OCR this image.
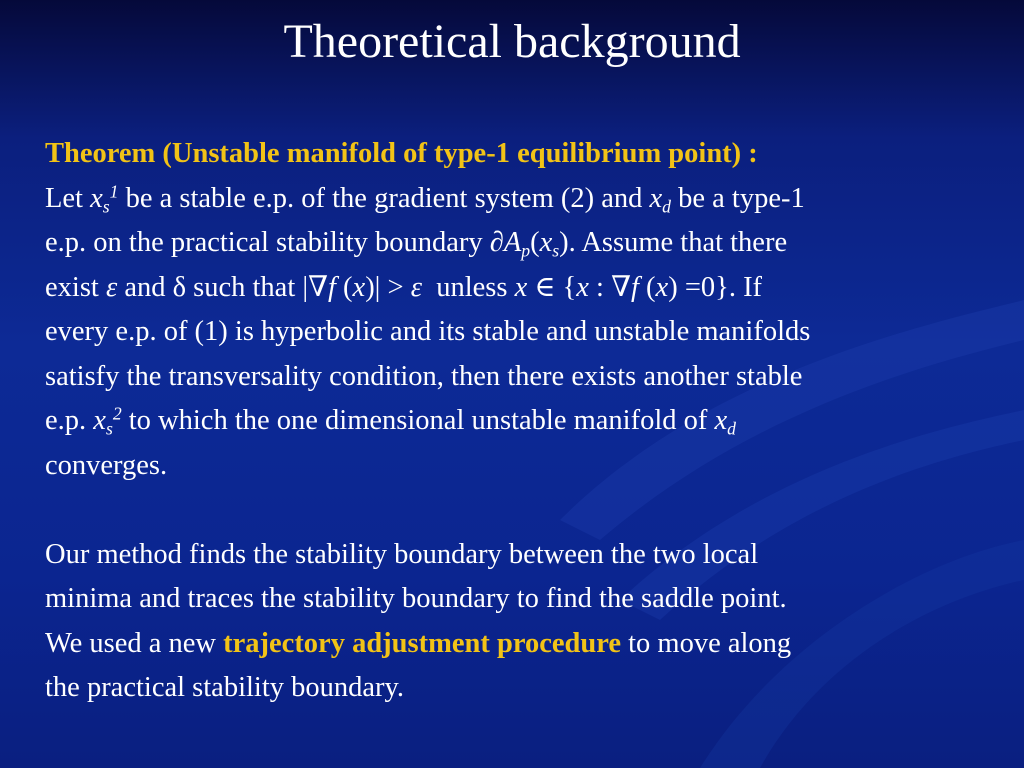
Theoretical background
Theorem (Unstable manifold of type-1 equilibrium point) :
Let $x_s^1$ be a stable e.p. of the gradient system (2) and $x_d$ be a type-1
e.p. on the practical stability boundary $\partial A_p(x_s)$. Assume that there
exist ε and δ such that |∇f (x)| > ε  unless x ∈ {x : ∇f (x) =0}. If
every e.p. of (1) is hyperbolic and its stable and unstable manifolds
satisfy the transversality condition, then there exists another stable
e.p. $x_s^2$ to which the one dimensional unstable manifold of $x_d$
converges.
Our method finds the stability boundary between the two local
minima and traces the stability boundary to find the saddle point.
We used a new trajectory adjustment procedure to move along
the practical stability boundary.
